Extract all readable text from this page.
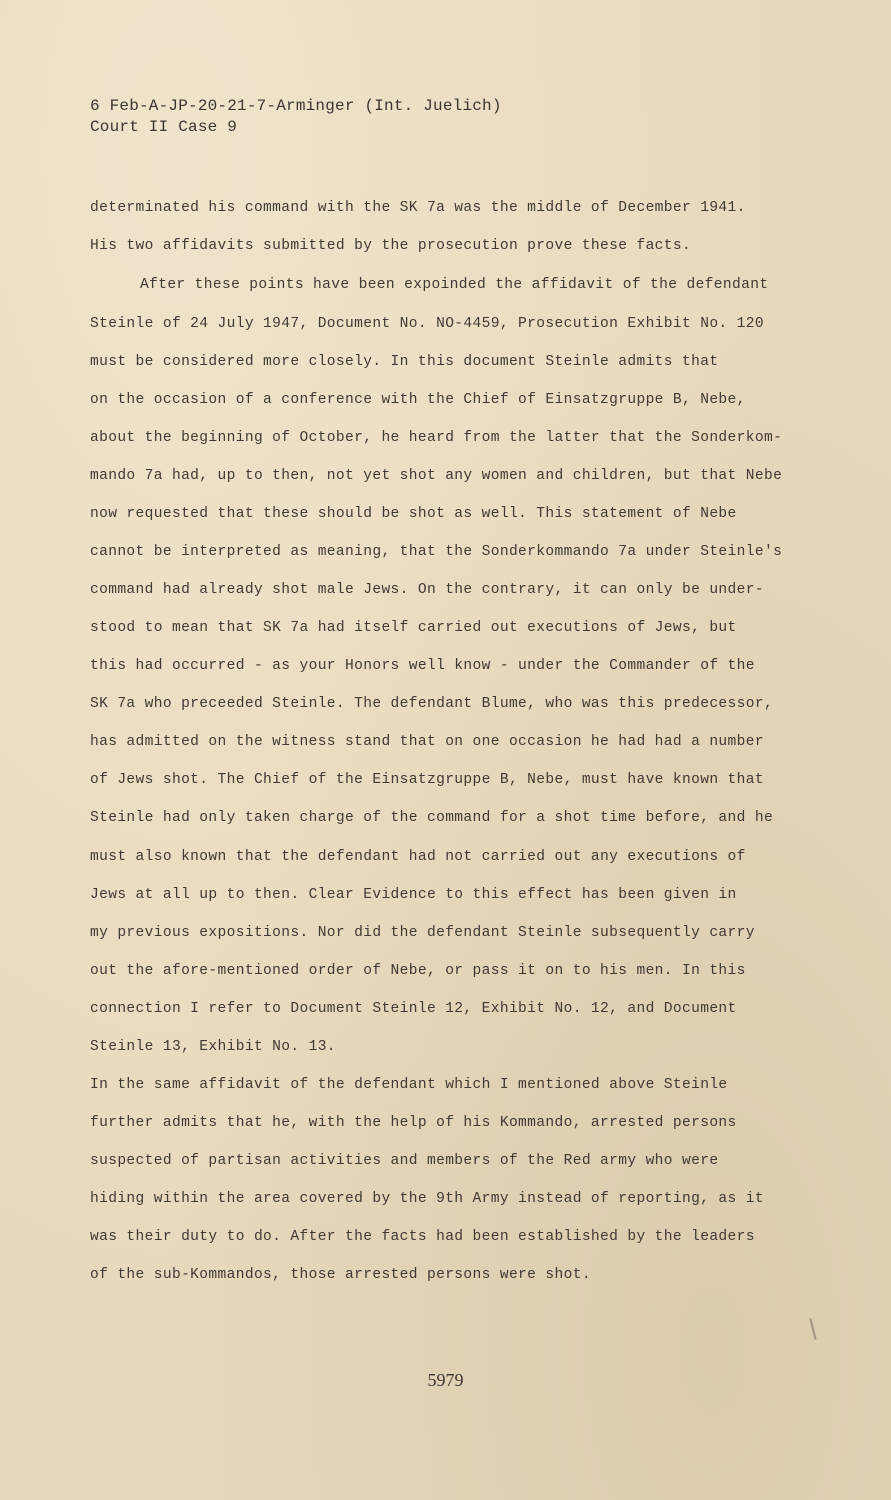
6 Feb-A-JP-20-21-7-Arminger (Int. Juelich)
Court II Case 9
determinated his command with the SK 7a was the middle of December 1941.
His two affidavits submitted by the prosecution prove these facts.
After these points have been expoinded the affidavit of the defendant
Steinle of 24 July 1947, Document No. NO-4459, Prosecution Exhibit No. 120
must be considered more closely. In this document Steinle admits that
on the occasion of a conference with the Chief of Einsatzgruppe B, Nebe,
about the beginning of October, he heard from the latter that the Sonderkom-
mando 7a had, up to then, not yet shot any women and children, but that Nebe
now requested that these should be shot as well. This statement of Nebe
cannot be interpreted as meaning, that the Sonderkommando 7a under Steinle's
command had already shot male Jews. On the contrary, it can only be under-
stood to mean that SK 7a had itself carried out executions of Jews, but
this had occurred - as your Honors well know - under the Commander of the
SK 7a who preceeded Steinle. The defendant Blume, who was this predecessor,
has admitted on the witness stand that on one occasion he had had a number
of Jews shot. The Chief of the Einsatzgruppe B, Nebe, must have known that
Steinle had only taken charge of the command for a shot time before, and he
must also known that the defendant had not carried out any executions of
Jews at all up to then. Clear Evidence to this effect has been given in
my previous expositions. Nor did the defendant Steinle subsequently carry
out the afore-mentioned order of Nebe, or pass it on to his men. In this
connection I refer to Document Steinle 12, Exhibit No. 12, and Document
Steinle 13, Exhibit No. 13.
In the same affidavit of the defendant which I mentioned above Steinle
further admits that he, with the help of his Kommando, arrested persons
suspected of partisan activities and members of the Red army who were
hiding within the area covered by the 9th Army instead of reporting, as it
was their duty to do. After the facts had been established by the leaders
of the sub-Kommandos, those arrested persons were shot.
5979
